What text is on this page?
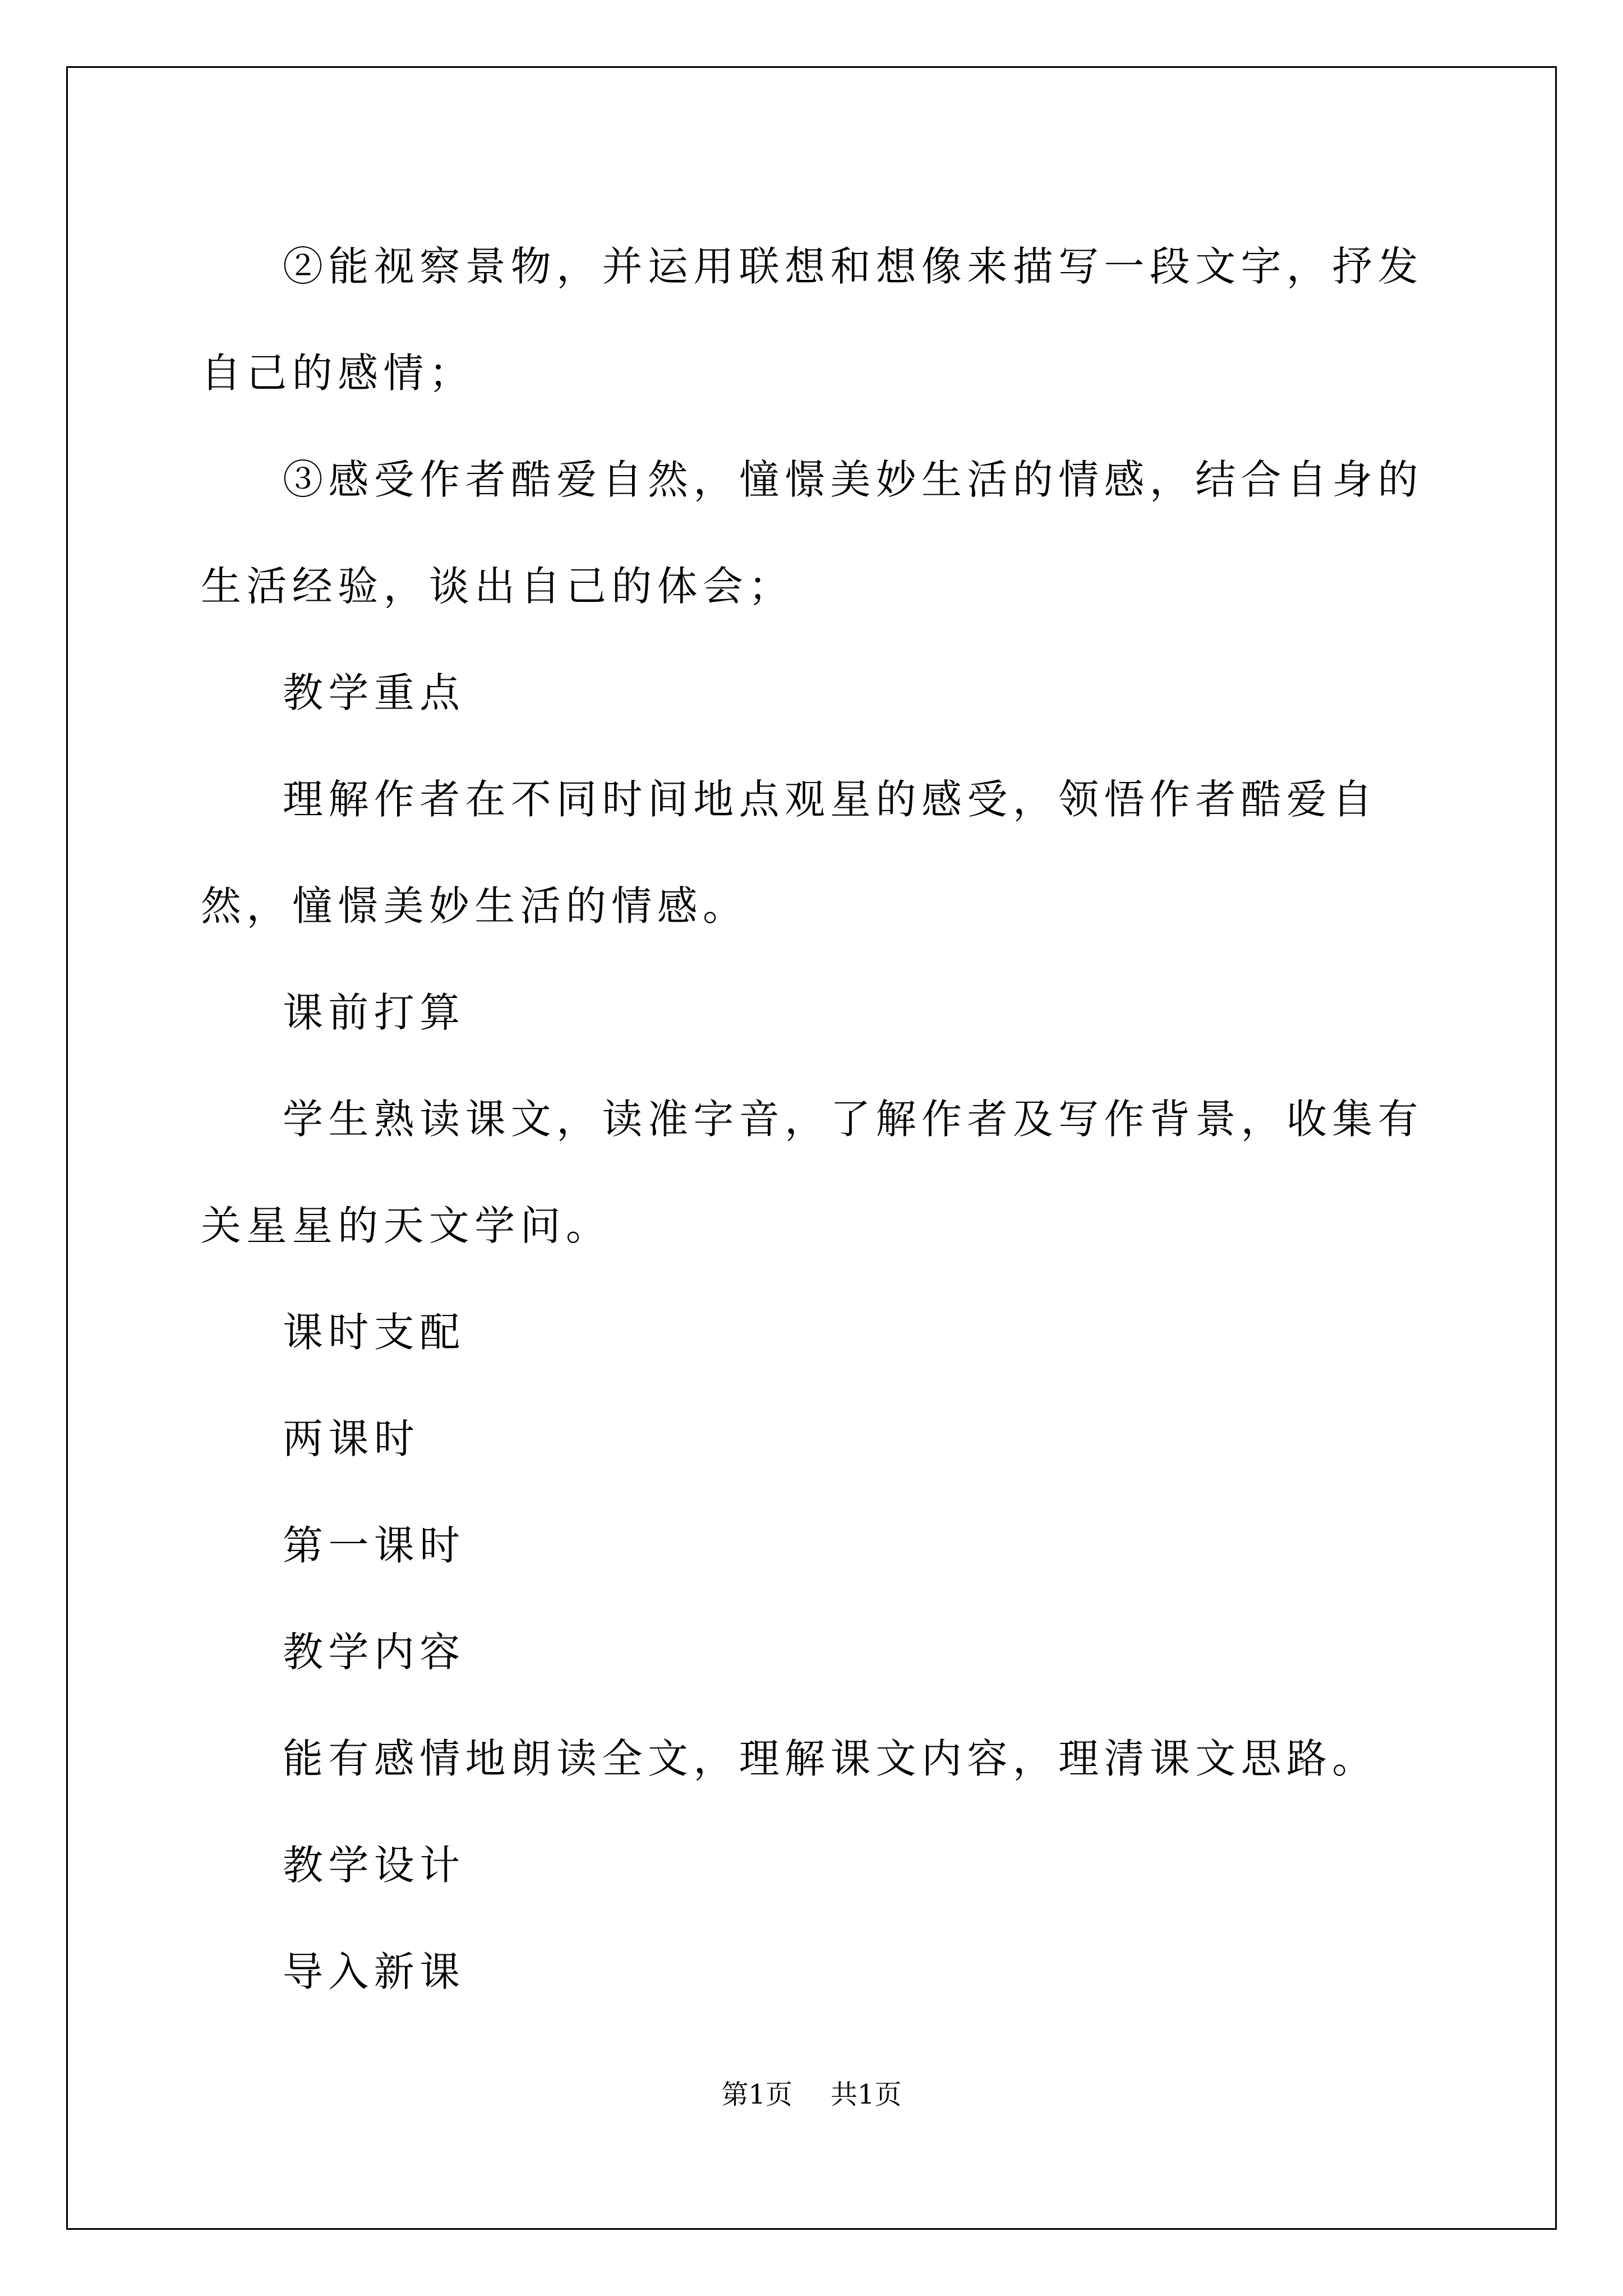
②能视察景物，并运用联想和想像来描写一段文字，抒发自己的感情；

③感受作者酷爱自然，憧憬美妙生活的情感，结合自身的生活经验，谈出自己的体会；

教学重点

理解作者在不同时间地点观星的感受，领悟作者酷爱自然，憧憬美妙生活的情感。

课前打算

学生熟读课文，读准字音，了解作者及写作背景，收集有关星星的天文学问。

课时支配

两课时

第一课时

教学内容

能有感情地朗读全文，理解课文内容，理清课文思路。

教学设计

导入新课

第1页 共1页
